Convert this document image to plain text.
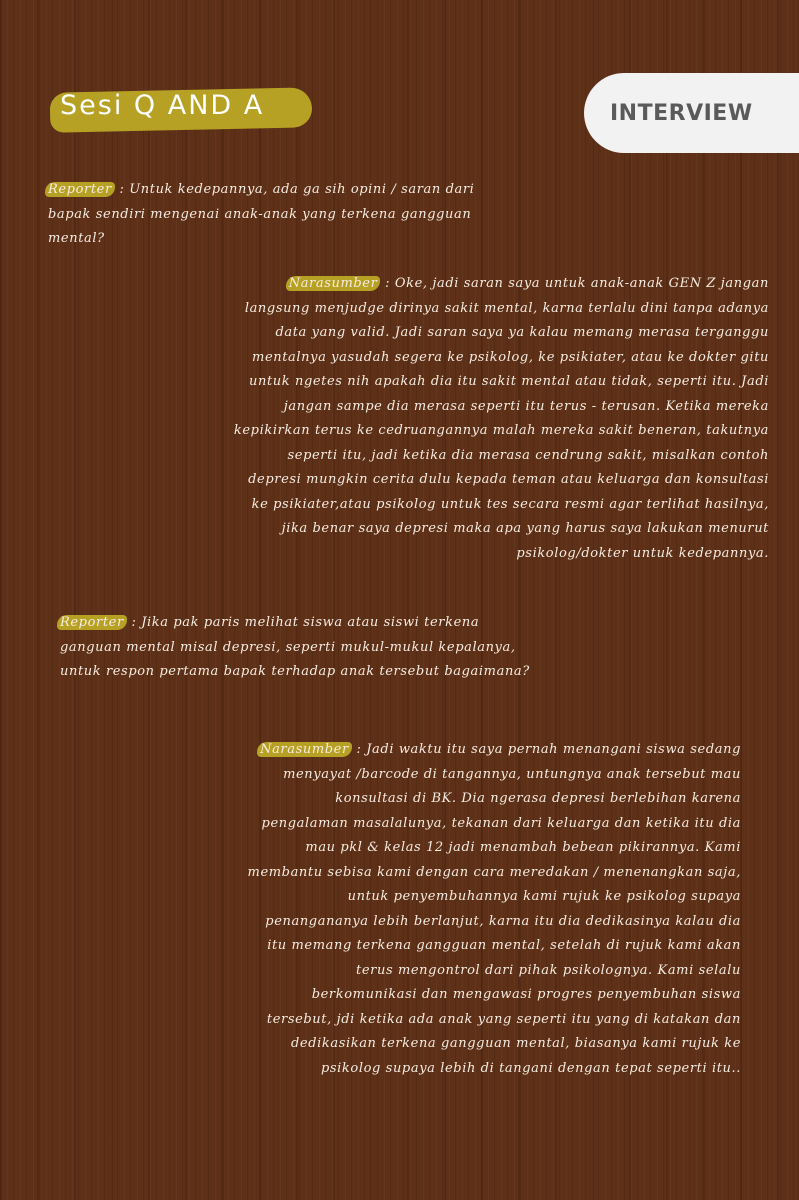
Sesi Q AND A	INTERVIEW
Reporter : Untuk kedepannya, ada ga sih opini / saran dari
bapak sendiri mengenai anak-anak yang terkena gangguan
mental?
Narasumber : Oke, jadi saran saya untuk anak-anak GEN Z jangan
langsung menjudge dirinya sakit mental, karna terlalu dini tanpa adanya
data yang valid. Jadi saran saya ya kalau memang merasa terganggu
mentalnya yasudah segera ke psikolog, ke psikiater, atau ke dokter gitu
untuk ngetes nih apakah dia itu sakit mental atau tidak, seperti itu. Jadi
jangan sampe dia merasa seperti itu terus - terusan. Ketika mereka
kepikirkan terus ke cedruangannya malah mereka sakit beneran, takutnya
seperti itu, jadi ketika dia merasa cendrung sakit, misalkan contoh
depresi mungkin cerita dulu kepada teman atau keluarga dan konsultasi
ke psikiater,atau psikolog untuk tes secara resmi agar terlihat hasilnya,
jika benar saya depresi maka apa yang harus saya lakukan menurut
psikolog/dokter untuk kedepannya.
Reporter : Jika pak paris melihat siswa atau siswi terkena
ganguan mental misal depresi, seperti mukul-mukul kepalanya,
untuk respon pertama bapak terhadap anak tersebut bagaimana?
Narasumber : Jadi waktu itu saya pernah menangani siswa sedang
menyayat /barcode di tangannya, untungnya anak tersebut mau
konsultasi di BK. Dia ngerasa depresi berlebihan karena
pengalaman masalalunya, tekanan dari keluarga dan ketika itu dia
mau pkl & kelas 12 jadi menambah bebean pikirannya. Kami
membantu sebisa kami dengan cara meredakan / menenangkan saja,
untuk penyembuhannya kami rujuk ke psikolog supaya
penangananya lebih berlanjut, karna itu dia dedikasinya kalau dia
itu memang terkena gangguan mental, setelah di rujuk kami akan
terus mengontrol dari pihak psikolognya. Kami selalu
berkomunikasi dan mengawasi progres penyembuhan siswa
tersebut, jdi ketika ada anak yang seperti itu yang di katakan dan
dedikasikan terkena gangguan mental, biasanya kami rujuk ke
psikolog supaya lebih di tangani dengan tepat seperti itu..
